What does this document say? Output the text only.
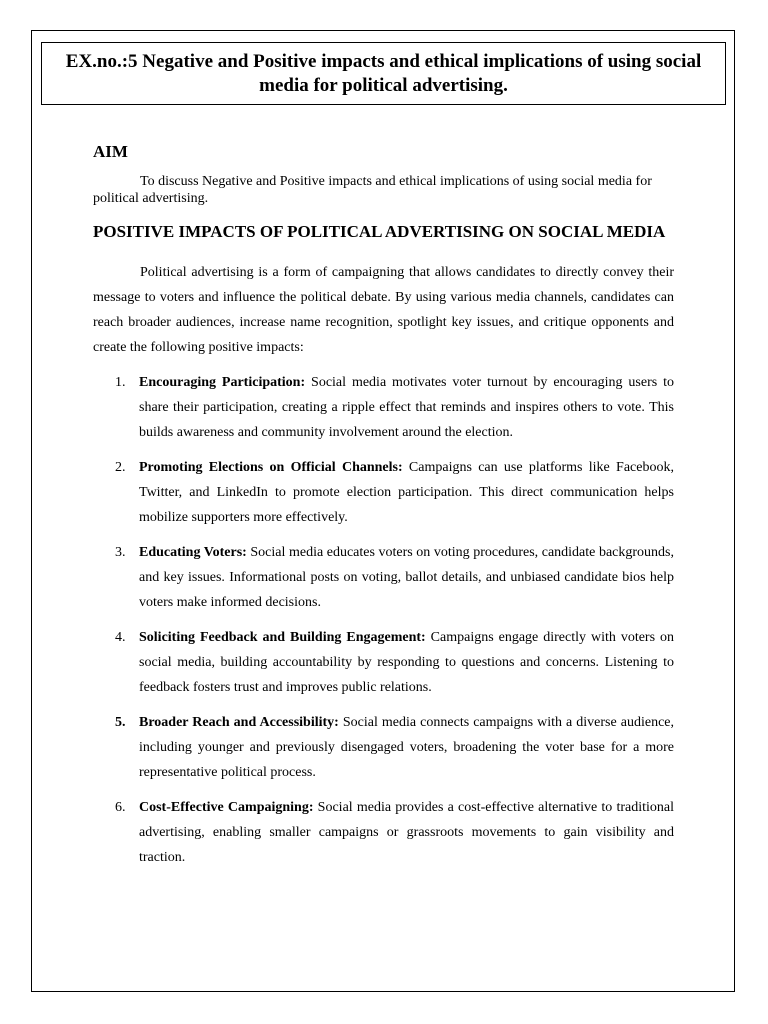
EX.no.:5 Negative and Positive impacts and ethical implications of using social media for political advertising.

AIM

To discuss Negative and Positive impacts and ethical implications of using social media for political advertising.

POSITIVE IMPACTS OF POLITICAL ADVERTISING ON SOCIAL MEDIA

Political advertising is a form of campaigning that allows candidates to directly convey their message to voters and influence the political debate. By using various media channels, candidates can reach broader audiences, increase name recognition, spotlight key issues, and critique opponents and create the following positive impacts:

1. Encouraging Participation: Social media motivates voter turnout by encouraging users to share their participation, creating a ripple effect that reminds and inspires others to vote. This builds awareness and community involvement around the election.
2. Promoting Elections on Official Channels: Campaigns can use platforms like Facebook, Twitter, and LinkedIn to promote election participation. This direct communication helps mobilize supporters more effectively.
3. Educating Voters: Social media educates voters on voting procedures, candidate backgrounds, and key issues. Informational posts on voting, ballot details, and unbiased candidate bios help voters make informed decisions.
4. Soliciting Feedback and Building Engagement: Campaigns engage directly with voters on social media, building accountability by responding to questions and concerns. Listening to feedback fosters trust and improves public relations.
5. Broader Reach and Accessibility: Social media connects campaigns with a diverse audience, including younger and previously disengaged voters, broadening the voter base for a more representative political process.
6. Cost-Effective Campaigning: Social media provides a cost-effective alternative to traditional advertising, enabling smaller campaigns or grassroots movements to gain visibility and traction.
